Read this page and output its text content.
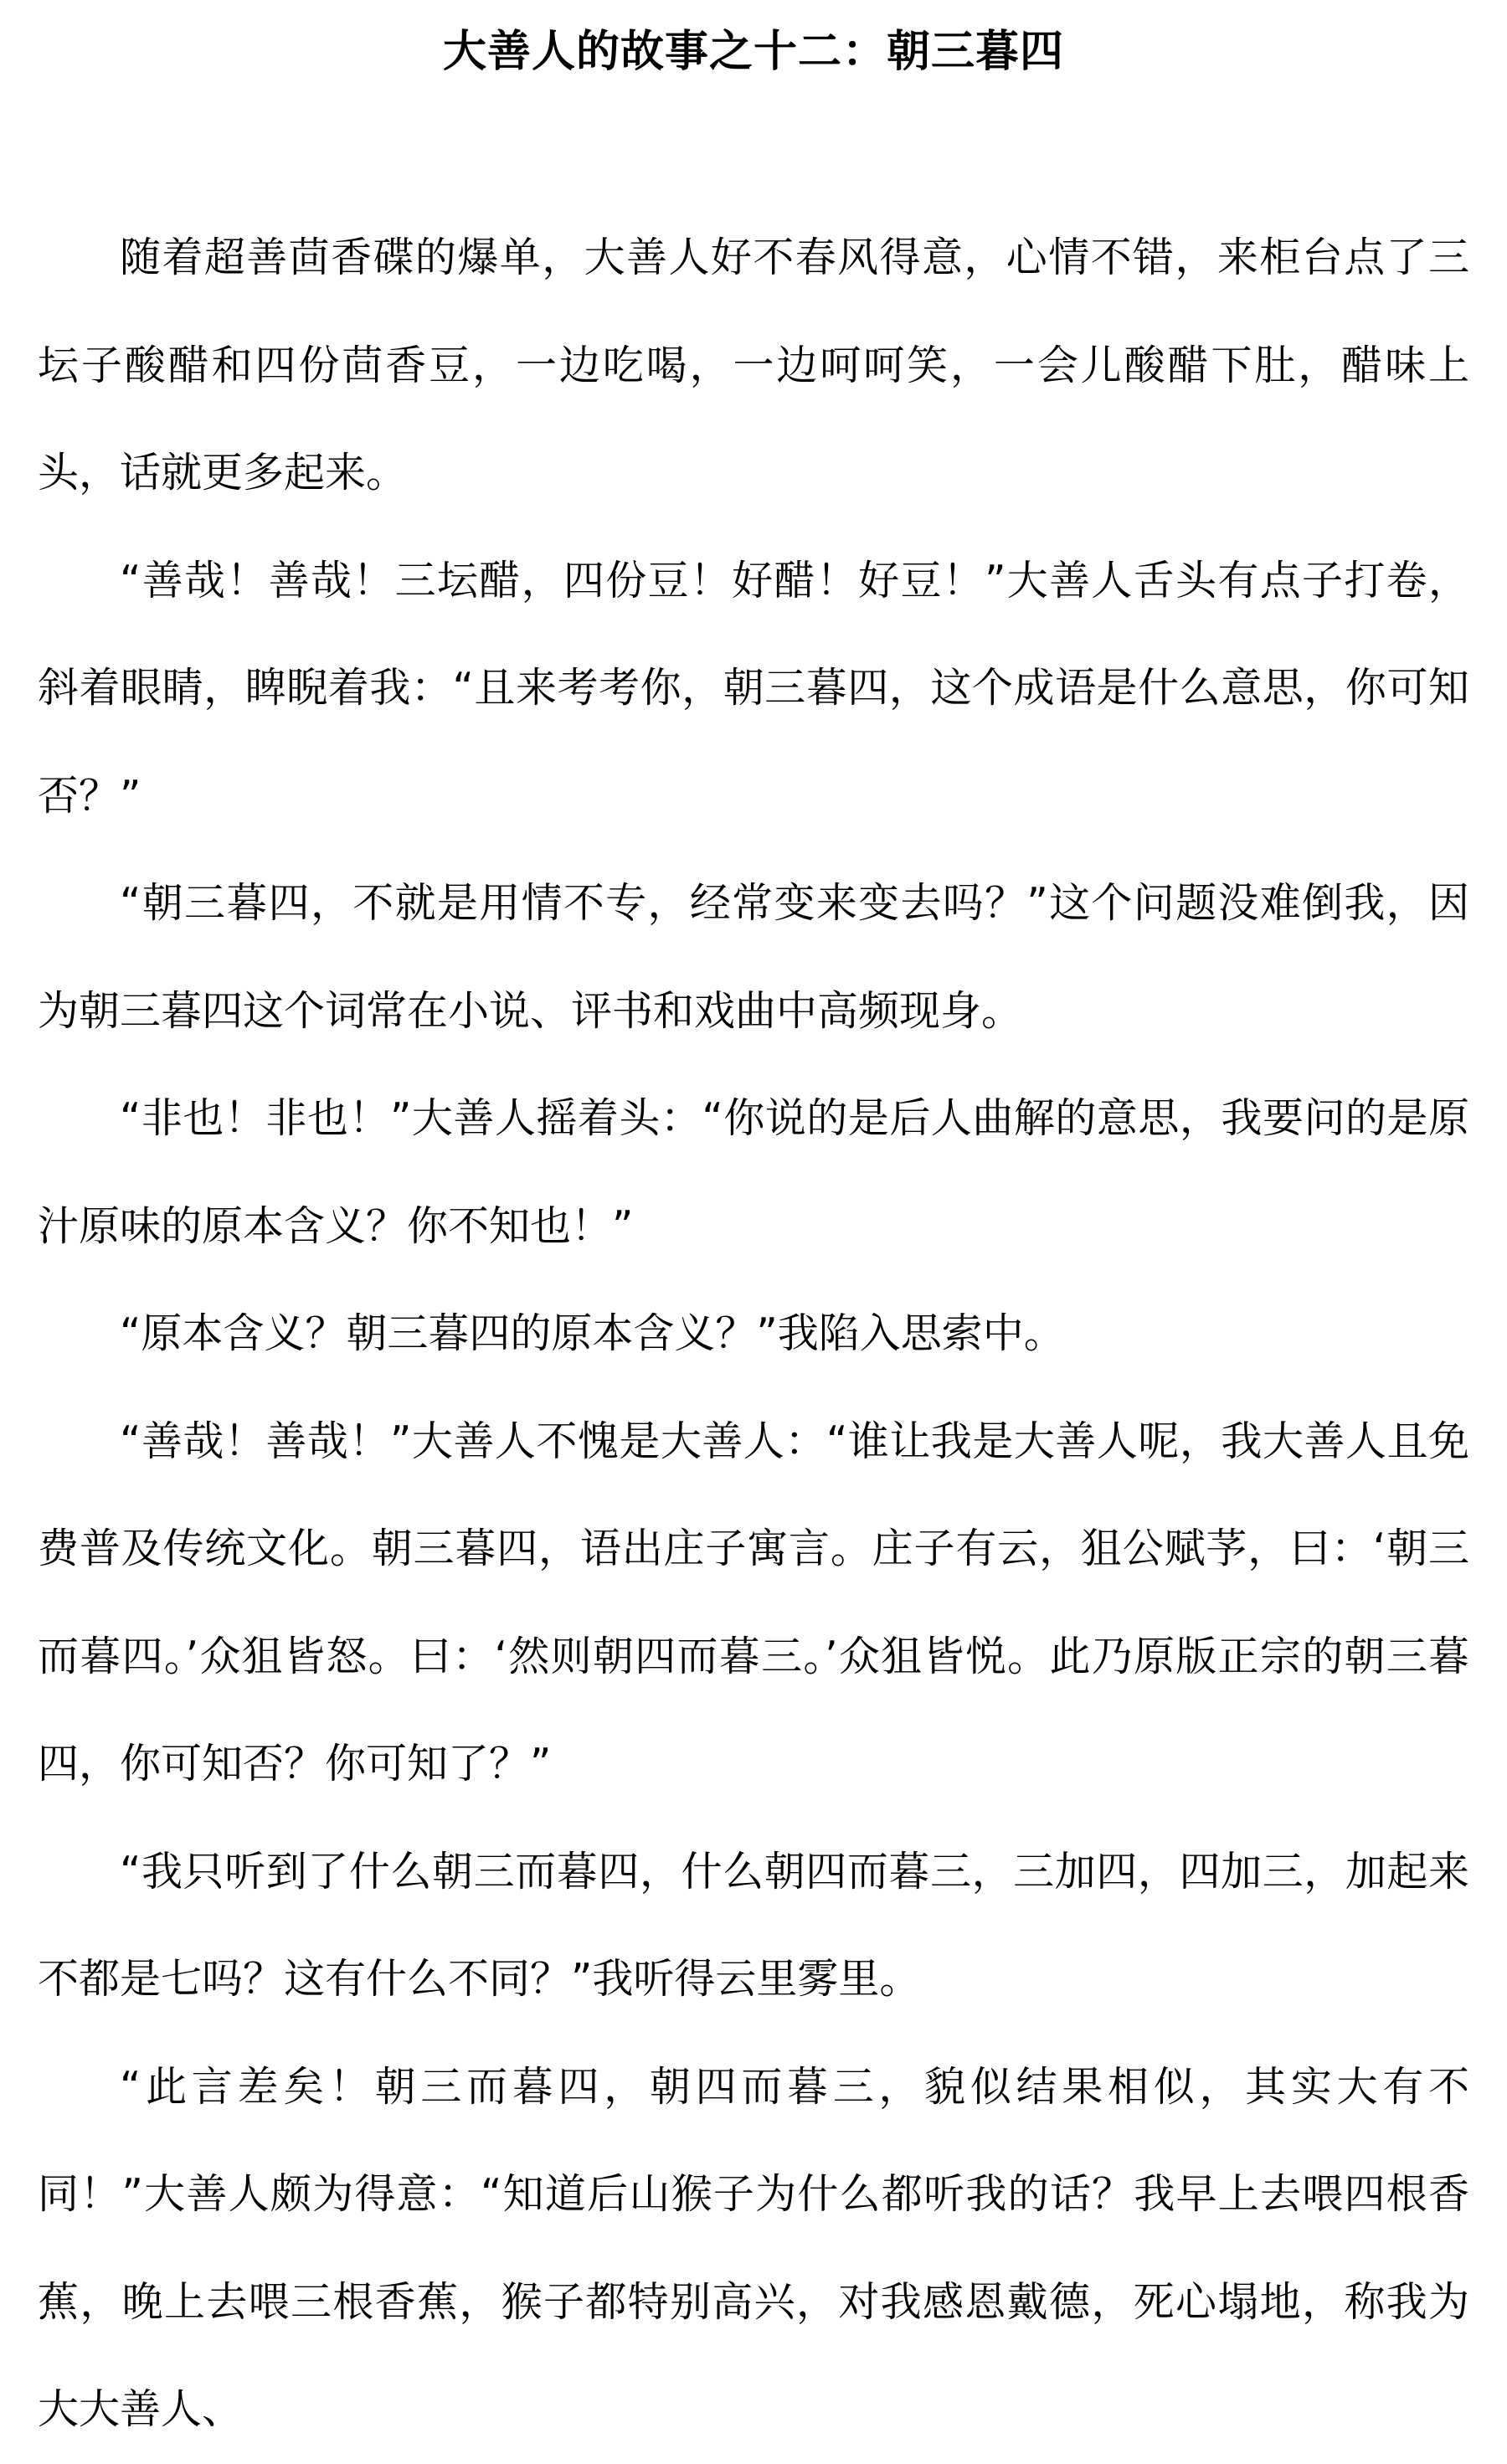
大善人的故事之十二：朝三暮四

随着超善茴香碟的爆单，大善人好不春风得意，心情不错，来柜台点了三坛子酸醋和四份茴香豆，一边吃喝，一边呵呵笑，一会儿酸醋下肚，醋味上头，话就更多起来。

“善哉！善哉！三坛醋，四份豆！好醋！好豆！”大善人舌头有点子打卷，斜着眼睛，睥睨着我：“且来考考你，朝三暮四，这个成语是什么意思，你可知否？”

“朝三暮四，不就是用情不专，经常变来变去吗？”这个问题没难倒我，因为朝三暮四这个词常在小说、评书和戏曲中高频现身。

“非也！非也！”大善人摇着头：“你说的是后人曲解的意思，我要问的是原汁原味的原本含义？你不知也！”

“原本含义？朝三暮四的原本含义？”我陷入思索中。

“善哉！善哉！”大善人不愧是大善人：“谁让我是大善人呢，我大善人且免费普及传统文化。朝三暮四，语出庄子寓言。庄子有云，狙公赋芧，曰：‘朝三而暮四。’众狙皆怒。曰：‘然则朝四而暮三。’众狙皆悦。此乃原版正宗的朝三暮四，你可知否？你可知了？”

“我只听到了什么朝三而暮四，什么朝四而暮三，三加四，四加三，加起来不都是七吗？这有什么不同？”我听得云里雾里。

“此言差矣！朝三而暮四，朝四而暮三，貌似结果相似，其实大有不同！”大善人颇为得意：“知道后山猴子为什么都听我的话？我早上去喂四根香蕉，晚上去喂三根香蕉，猴子都特别高兴，对我感恩戴德，死心塌地，称我为大大善人、
